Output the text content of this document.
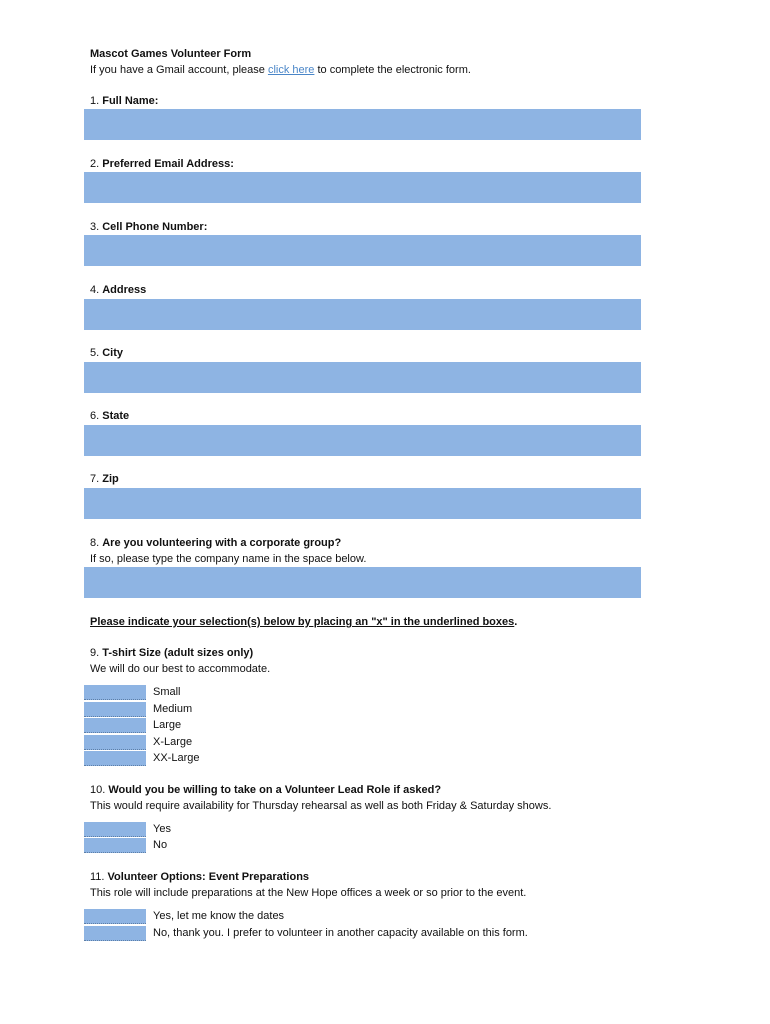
Mascot Games Volunteer Form
If you have a Gmail account, please click here to complete the electronic form.
1. Full Name:
2. Preferred Email Address:
3. Cell Phone Number:
4. Address
5. City
6. State
7. Zip
8. Are you volunteering with a corporate group?
If so, please type the company name in the space below.
Please indicate your selection(s) below by placing an "x" in the underlined boxes.
9. T-shirt Size (adult sizes only)
We will do our best to accommodate.
Small
Medium
Large
X-Large
XX-Large
10. Would you be willing to take on a Volunteer Lead Role if asked?
This would require availability for Thursday rehearsal as well as both Friday & Saturday shows.
Yes
No
11. Volunteer Options: Event Preparations
This role will include preparations at the New Hope offices a week or so prior to the event.
Yes, let me know the dates
No, thank you. I prefer to volunteer in another capacity available on this form.
